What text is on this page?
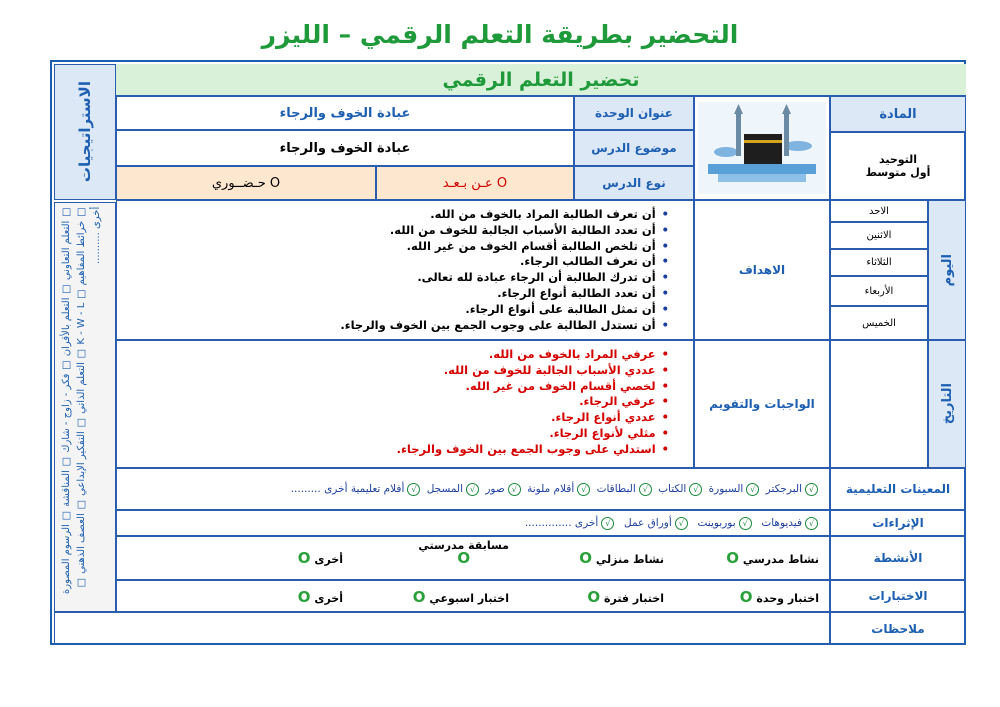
التحضير بطريقة التعلم الرقمي – الليزر
الاستراتيجيات
□ التعلم التعاوني □ التعلم بالأقران □ فكر - زاوج - شارك □ المناقشة □ الرسوم المصورة □ خرائط المفاهيم □ K - W - L □ التعلم الذاتي □ التفكير الإبداعي □ العصف الذهني □ أخرى ..........
تحضير التعلم الرقمي
المادة
التوحيد
أول متوسط
عنوان الوحدة
عبادة الخوف والرجاء
موضوع الدرس
عبادة الخوف والرجاء
نوع الدرس
عـن بـعـد O
حـضــوري O
اليوم
التاريخ
الاحد
الاثنين
الثلاثاء
الأربعاء
الخميس
الاهداف
• أن تعرف الطالبة المراد بالخوف من الله.
• أن تعدد الطالبة الأسباب الجالبة للخوف من الله.
• أن تلخص الطالبة أقسام الخوف من غير الله.
• أن تعرف الطالب الرجاء.
• أن تدرك الطالبة أن الرجاء عبادة لله تعالى.
• أن تعدد الطالبة أنواع الرجاء.
• أن تمثل الطالبة على أنواع الرجاء.
• أن تستدل الطالبة على وجوب الجمع بين الخوف والرجاء.
الواجبات والتقويم
• عرفي المراد بالخوف من الله.
• عددي الأسباب الجالبة للخوف من الله.
• لخصي أقسام الخوف من غير الله.
• عرفي الرجاء.
• عددي أنواع الرجاء.
• مثلي لأنواع الرجاء.
• استدلي على وجوب الجمع بين الخوف والرجاء.
المعينات التعليمية
√
البرجكتر

√
السبورة

√
الكتاب

√
البطاقات

√
أقلام ملونة

√
صور

√
المسجل

√
أفلام تعليمية

أخرى .........
الإثراءات
√
فيديوهات

√
بوربوينت

√
أوراق عمل

√
أخرى

..............
الأنشطة
نشاط مدرسي O
نشاط منزلي O
مسابقة مدرستي
O
أخرى O
الاختبارات
اختبار وحدة O
اختبار فترة O
اختبار اسبوعي O
أخرى O
ملاحظات
